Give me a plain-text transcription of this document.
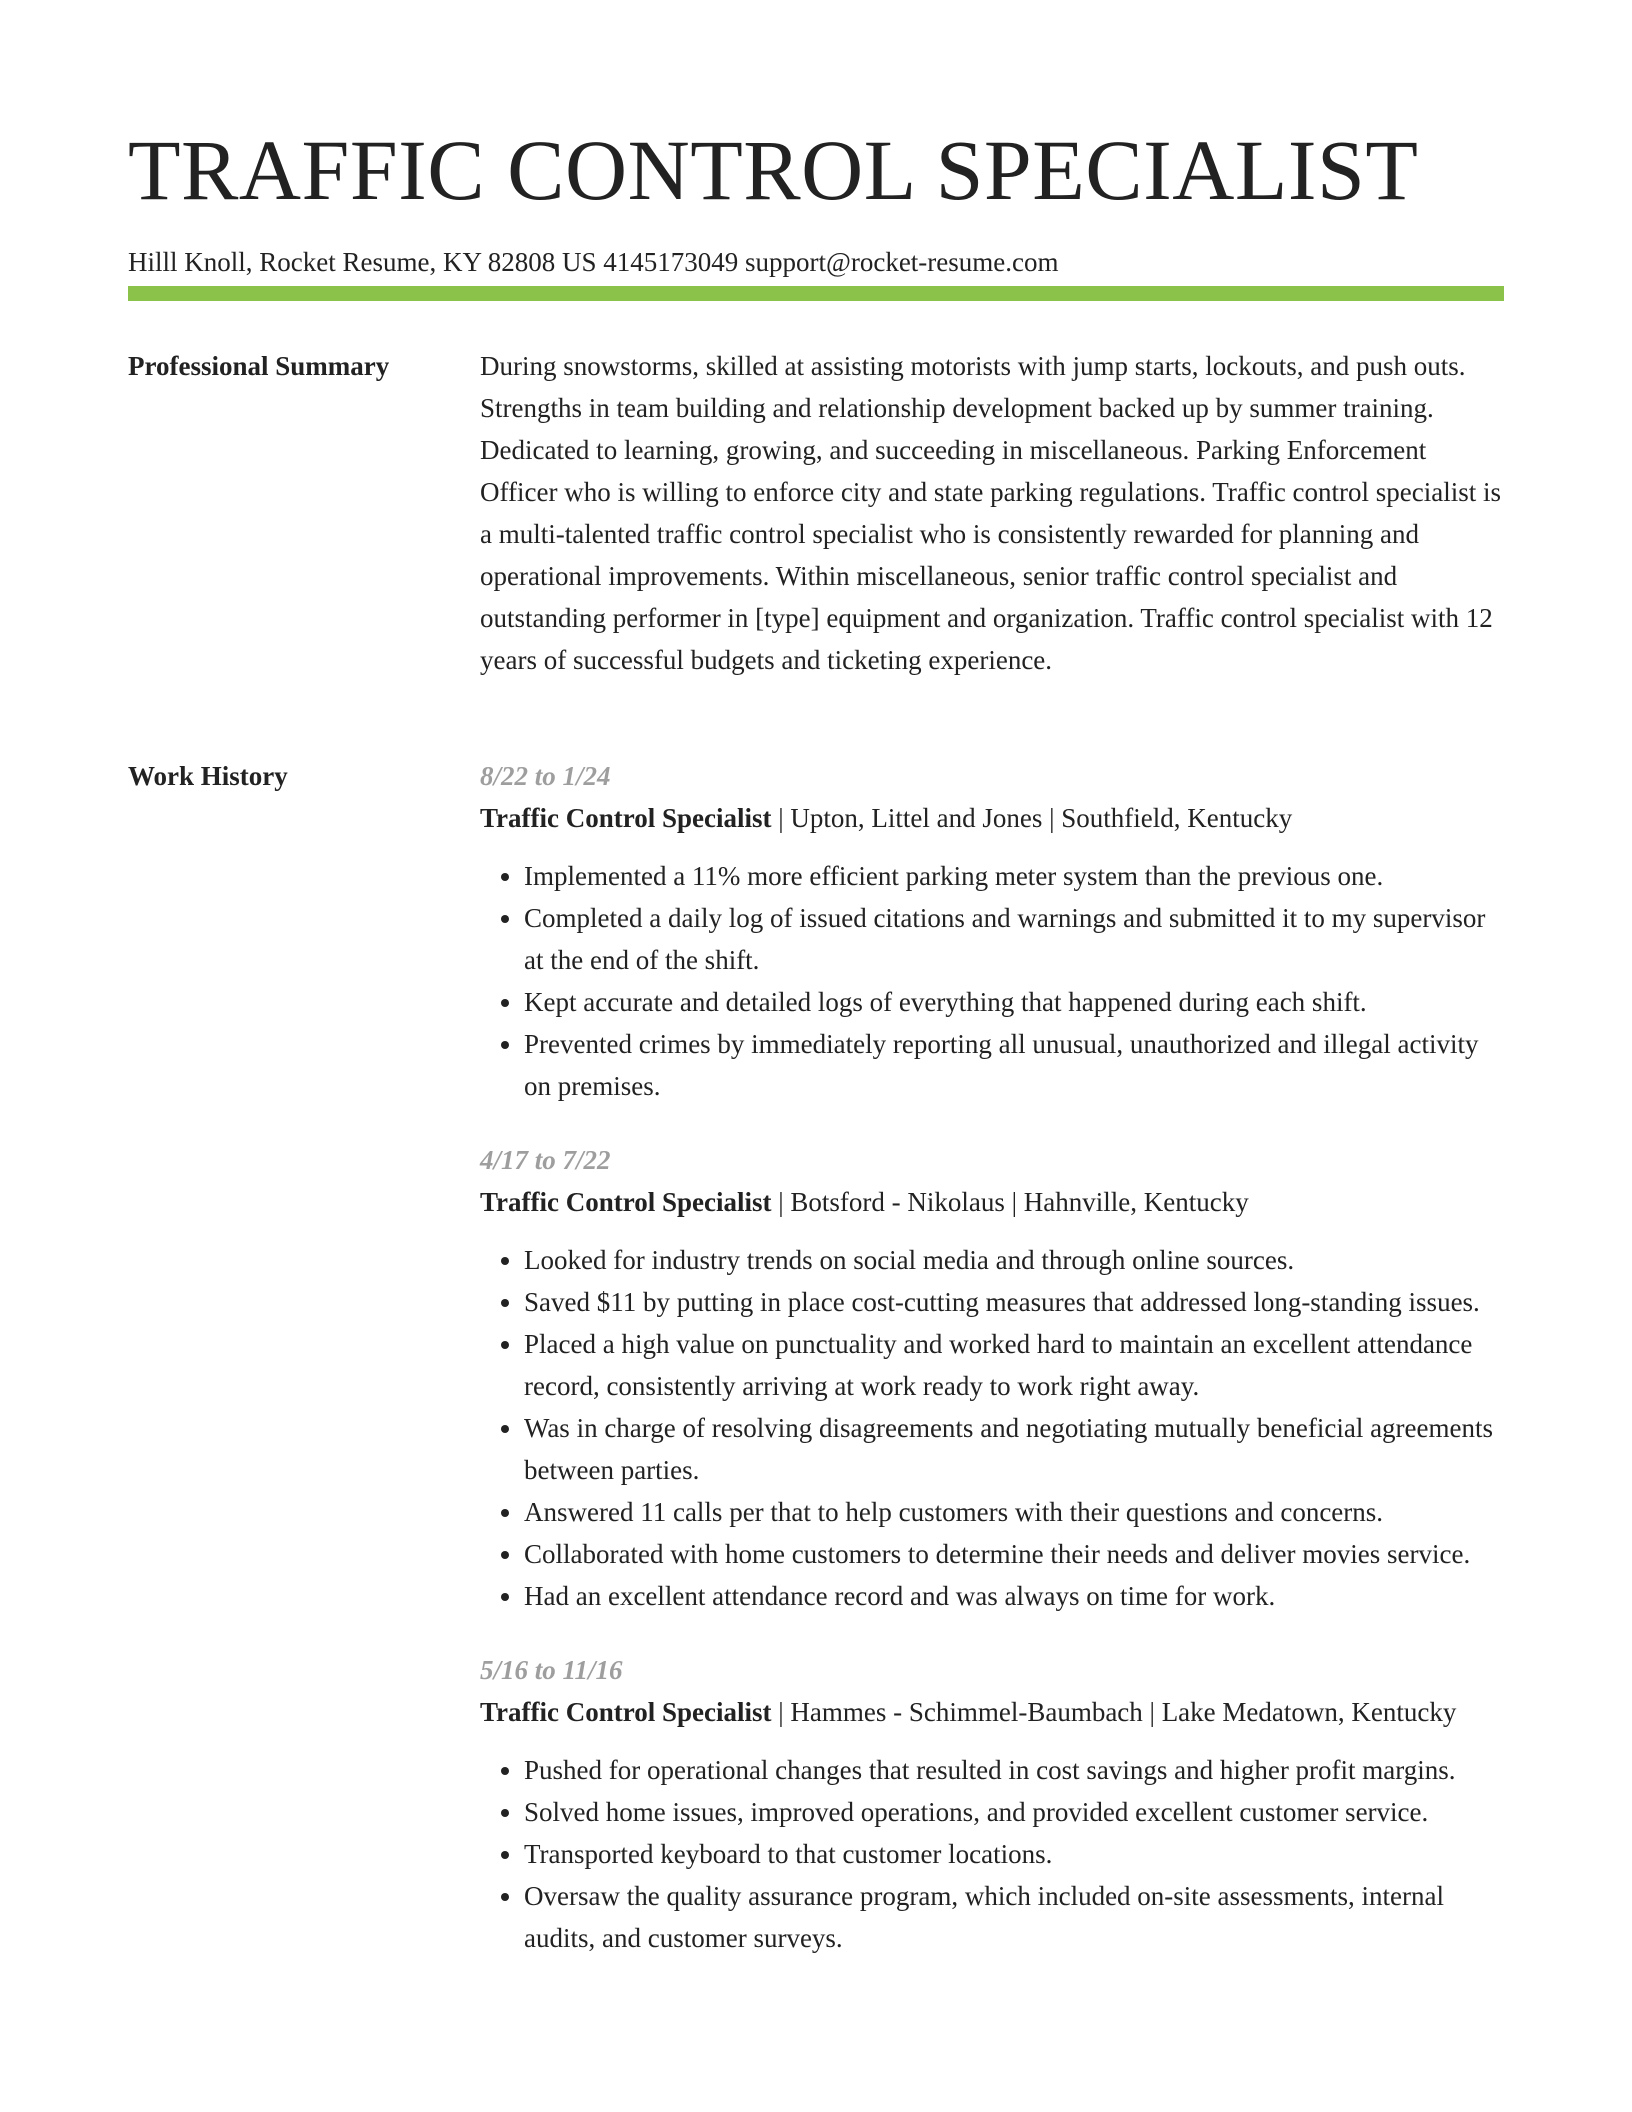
TRAFFIC CONTROL SPECIALIST
Hilll Knoll, Rocket Resume, KY 82808 US 4145173049 support@rocket-resume.com
Professional Summary	During snowstorms, skilled at assisting motorists with jump starts, lockouts, and push outs. Strengths in team building and relationship development backed up by summer training. Dedicated to learning, growing, and succeeding in miscellaneous. Parking Enforcement Officer who is willing to enforce city and state parking regulations. Traffic control specialist is a multi-talented traffic control specialist who is consistently rewarded for planning and operational improvements. Within miscellaneous, senior traffic control specialist and outstanding performer in [type] equipment and organization. Traffic control specialist with 12 years of successful budgets and ticketing experience.

Work History	8/22 to 1/24
Traffic Control Specialist | Upton, Littel and Jones | Southfield, Kentucky
• Implemented a 11% more efficient parking meter system than the previous one.
• Completed a daily log of issued citations and warnings and submitted it to my supervisor at the end of the shift.
• Kept accurate and detailed logs of everything that happened during each shift.
• Prevented crimes by immediately reporting all unusual, unauthorized and illegal activity on premises.
4/17 to 7/22
Traffic Control Specialist | Botsford - Nikolaus | Hahnville, Kentucky
• Looked for industry trends on social media and through online sources.
• Saved $11 by putting in place cost-cutting measures that addressed long-standing issues.
• Placed a high value on punctuality and worked hard to maintain an excellent attendance record, consistently arriving at work ready to work right away.
• Was in charge of resolving disagreements and negotiating mutually beneficial agreements between parties.
• Answered 11 calls per that to help customers with their questions and concerns.
• Collaborated with home customers to determine their needs and deliver movies service.
• Had an excellent attendance record and was always on time for work.
5/16 to 11/16
Traffic Control Specialist | Hammes - Schimmel-Baumbach | Lake Medatown, Kentucky
• Pushed for operational changes that resulted in cost savings and higher profit margins.
• Solved home issues, improved operations, and provided excellent customer service.
• Transported keyboard to that customer locations.
• Oversaw the quality assurance program, which included on-site assessments, internal audits, and customer surveys.
